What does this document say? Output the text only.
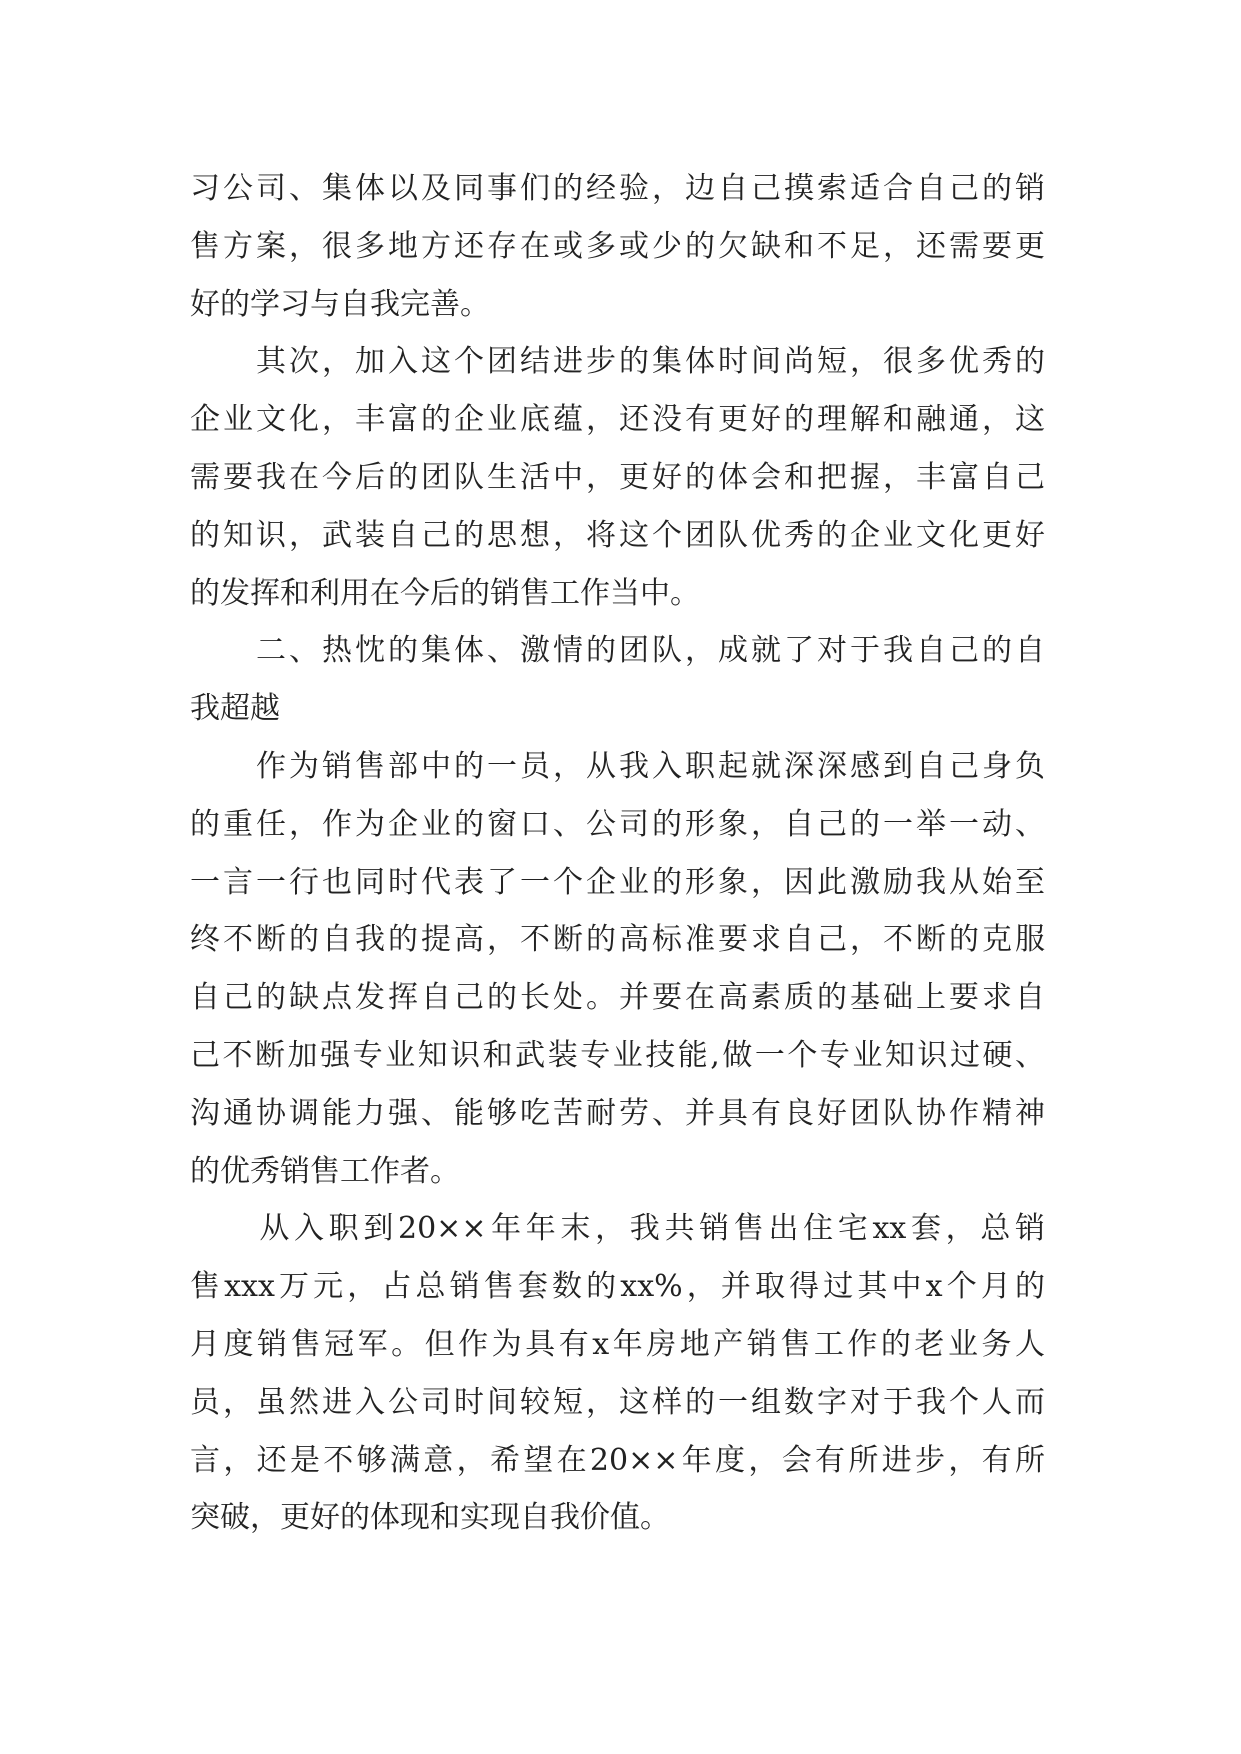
习公司、集体以及同事们的经验，边自己摸索适合自己的销
售方案，很多地方还存在或多或少的欠缺和不足，还需要更
好的学习与自我完善。
　　其次，加入这个团结进步的集体时间尚短，很多优秀的
企业文化，丰富的企业底蕴，还没有更好的理解和融通，这
需要我在今后的团队生活中，更好的体会和把握，丰富自己
的知识，武装自己的思想，将这个团队优秀的企业文化更好
的发挥和利用在今后的销售工作当中。
　　二、热忱的集体、激情的团队，成就了对于我自己的自
我超越
　　作为销售部中的一员，从我入职起就深深感到自己身负
的重任，作为企业的窗口、公司的形象，自己的一举一动、
一言一行也同时代表了一个企业的形象，因此激励我从始至
终不断的自我的提高，不断的高标准要求自己，不断的克服
自己的缺点发挥自己的长处。并要在高素质的基础上要求自
己不断加强专业知识和武装专业技能,做一个专业知识过硬、
沟通协调能力强、能够吃苦耐劳、并具有良好团队协作精神
的优秀销售工作者。
　　从入职到20××年年末，我共销售出住宅xx套，总销
售xxx万元，占总销售套数的xx%，并取得过其中x个月的
月度销售冠军。但作为具有x年房地产销售工作的老业务人
员，虽然进入公司时间较短，这样的一组数字对于我个人而
言，还是不够满意，希望在20××年度，会有所进步，有所
突破，更好的体现和实现自我价值。
